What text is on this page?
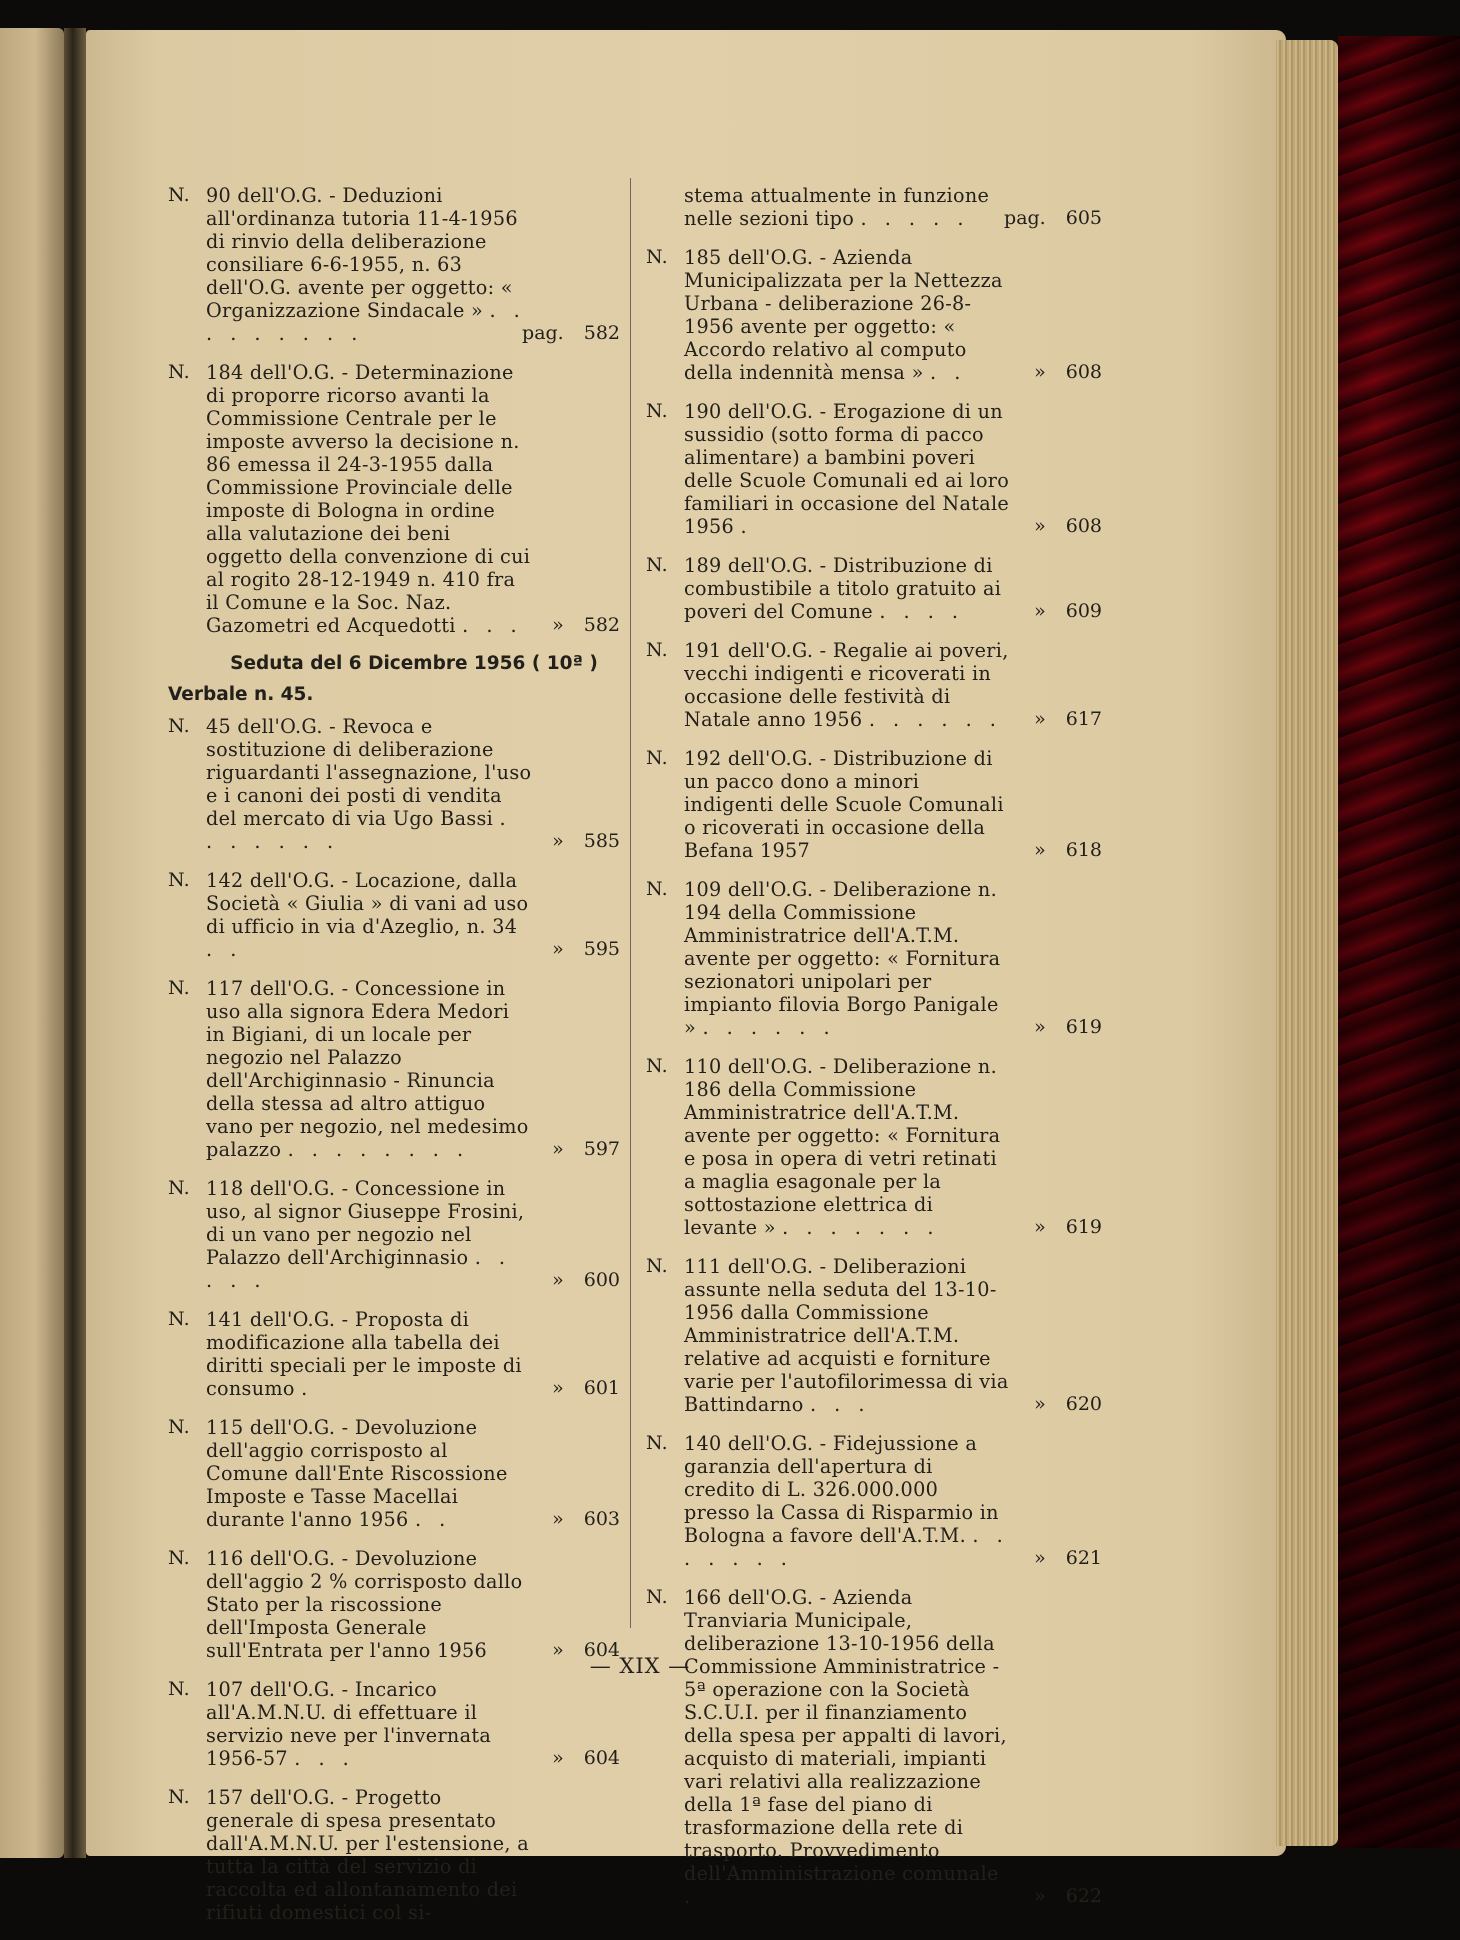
N. 90 dell'O.G. - Deduzioni all'ordinanza tutoria 11-4-1956 di rinvio della deliberazione consiliare 6-6-1955, n. 63 dell'O.G. avente per oggetto: « Organizzazione Sindacale » . . . . . . . . .	pag. 582
N. 184 dell'O.G. - Determinazione di proporre ricorso avanti la Commissione Centrale per le imposte avverso la decisione n. 86 emessa il 24-3-1955 dalla Commissione Provinciale delle imposte di Bologna in ordine alla valutazione dei beni oggetto della convenzione di cui al rogito 28-12-1949 n. 410 fra il Comune e la Soc. Naz. Gazometri ed Acquedotti . . .	» 582
Seduta del 6 Dicembre 1956 ( 10ª )
Verbale n. 45.
N. 45 dell'O.G. - Revoca e sostituzione di deliberazione riguardanti l'assegnazione, l'uso e i canoni dei posti di vendita del mercato di via Ugo Bassi . . . . . . .	» 585
N. 142 dell'O.G. - Locazione, dalla Società « Giulia » di vani ad uso di ufficio in via d'Azeglio, n. 34 . .	» 595
N. 117 dell'O.G. - Concessione in uso alla signora Edera Medori in Bigiani, di un locale per negozio nel Palazzo dell'Archiginnasio - Rinuncia della stessa ad altro attiguo vano per negozio, nel medesimo palazzo . . . . . . . .	» 597
N. 118 dell'O.G. - Concessione in uso, al signor Giuseppe Frosini, di un vano per negozio nel Palazzo dell'Archiginnasio . . . . .	» 600
N. 141 dell'O.G. - Proposta di modificazione alla tabella dei diritti speciali per le imposte di consumo .	» 601
N. 115 dell'O.G. - Devoluzione dell'aggio corrisposto al Comune dall'Ente Riscossione Imposte e Tasse Macellai durante l'anno 1956 . .	» 603
N. 116 dell'O.G. - Devoluzione dell'aggio 2 % corrisposto dallo Stato per la riscossione dell'Imposta Generale sull'Entrata per l'anno 1956	» 604
N. 107 dell'O.G. - Incarico all'A.M.N.U. di effettuare il servizio neve per l'invernata 1956-57 . . .	» 604
N. 157 dell'O.G. - Progetto generale di spesa presentato dall'A.M.N.U. per l'estensione, a tutta la città del servizio di raccolta ed allontanamento dei rifiuti domestici col si-
stema attualmente in funzione nelle sezioni tipo . . . . .	pag. 605
N. 185 dell'O.G. - Azienda Municipalizzata per la Nettezza Urbana - deliberazione 26-8-1956 avente per oggetto: « Accordo relativo al computo della indennità mensa » . .	» 608
N. 190 dell'O.G. - Erogazione di un sussidio (sotto forma di pacco alimentare) a bambini poveri delle Scuole Comunali ed ai loro familiari in occasione del Natale 1956 .	» 608
N. 189 dell'O.G. - Distribuzione di combustibile a titolo gratuito ai poveri del Comune . . . .	» 609
N. 191 dell'O.G. - Regalie ai poveri, vecchi indigenti e ricoverati in occasione delle festività di Natale anno 1956 . . . . . .	» 617
N. 192 dell'O.G. - Distribuzione di un pacco dono a minori indigenti delle Scuole Comunali o ricoverati in occasione della Befana 1957	» 618
N. 109 dell'O.G. - Deliberazione n. 194 della Commissione Amministratrice dell'A.T.M. avente per oggetto: « Fornitura sezionatori unipolari per impianto filovia Borgo Panigale » . . . . . .	» 619
N. 110 dell'O.G. - Deliberazione n. 186 della Commissione Amministratrice dell'A.T.M. avente per oggetto: « Fornitura e posa in opera di vetri retinati a maglia esagonale per la sottostazione elettrica di levante » . . . . . . .	» 619
N. 111 dell'O.G. - Deliberazioni assunte nella seduta del 13-10-1956 dalla Commissione Amministratrice dell'A.T.M. relative ad acquisti e forniture varie per l'autofilorimessa di via Battindarno . . .	» 620
N. 140 dell'O.G. - Fidejussione a garanzia dell'apertura di credito di L. 326.000.000 presso la Cassa di Risparmio in Bologna a favore dell'A.T.M. . . . . . . .	» 621
N. 166 dell'O.G. - Azienda Tranviaria Municipale, deliberazione 13-10-1956 della Commissione Amministratrice - 5ª operazione con la Società S.C.U.I. per il finanziamento della spesa per appalti di lavori, acquisto di materiali, impianti vari relativi alla realizzazione della 1ª fase del piano di trasformazione della rete di trasporto. Provvedimento dell'Amministrazione comunale .	» 622
— XIX —
